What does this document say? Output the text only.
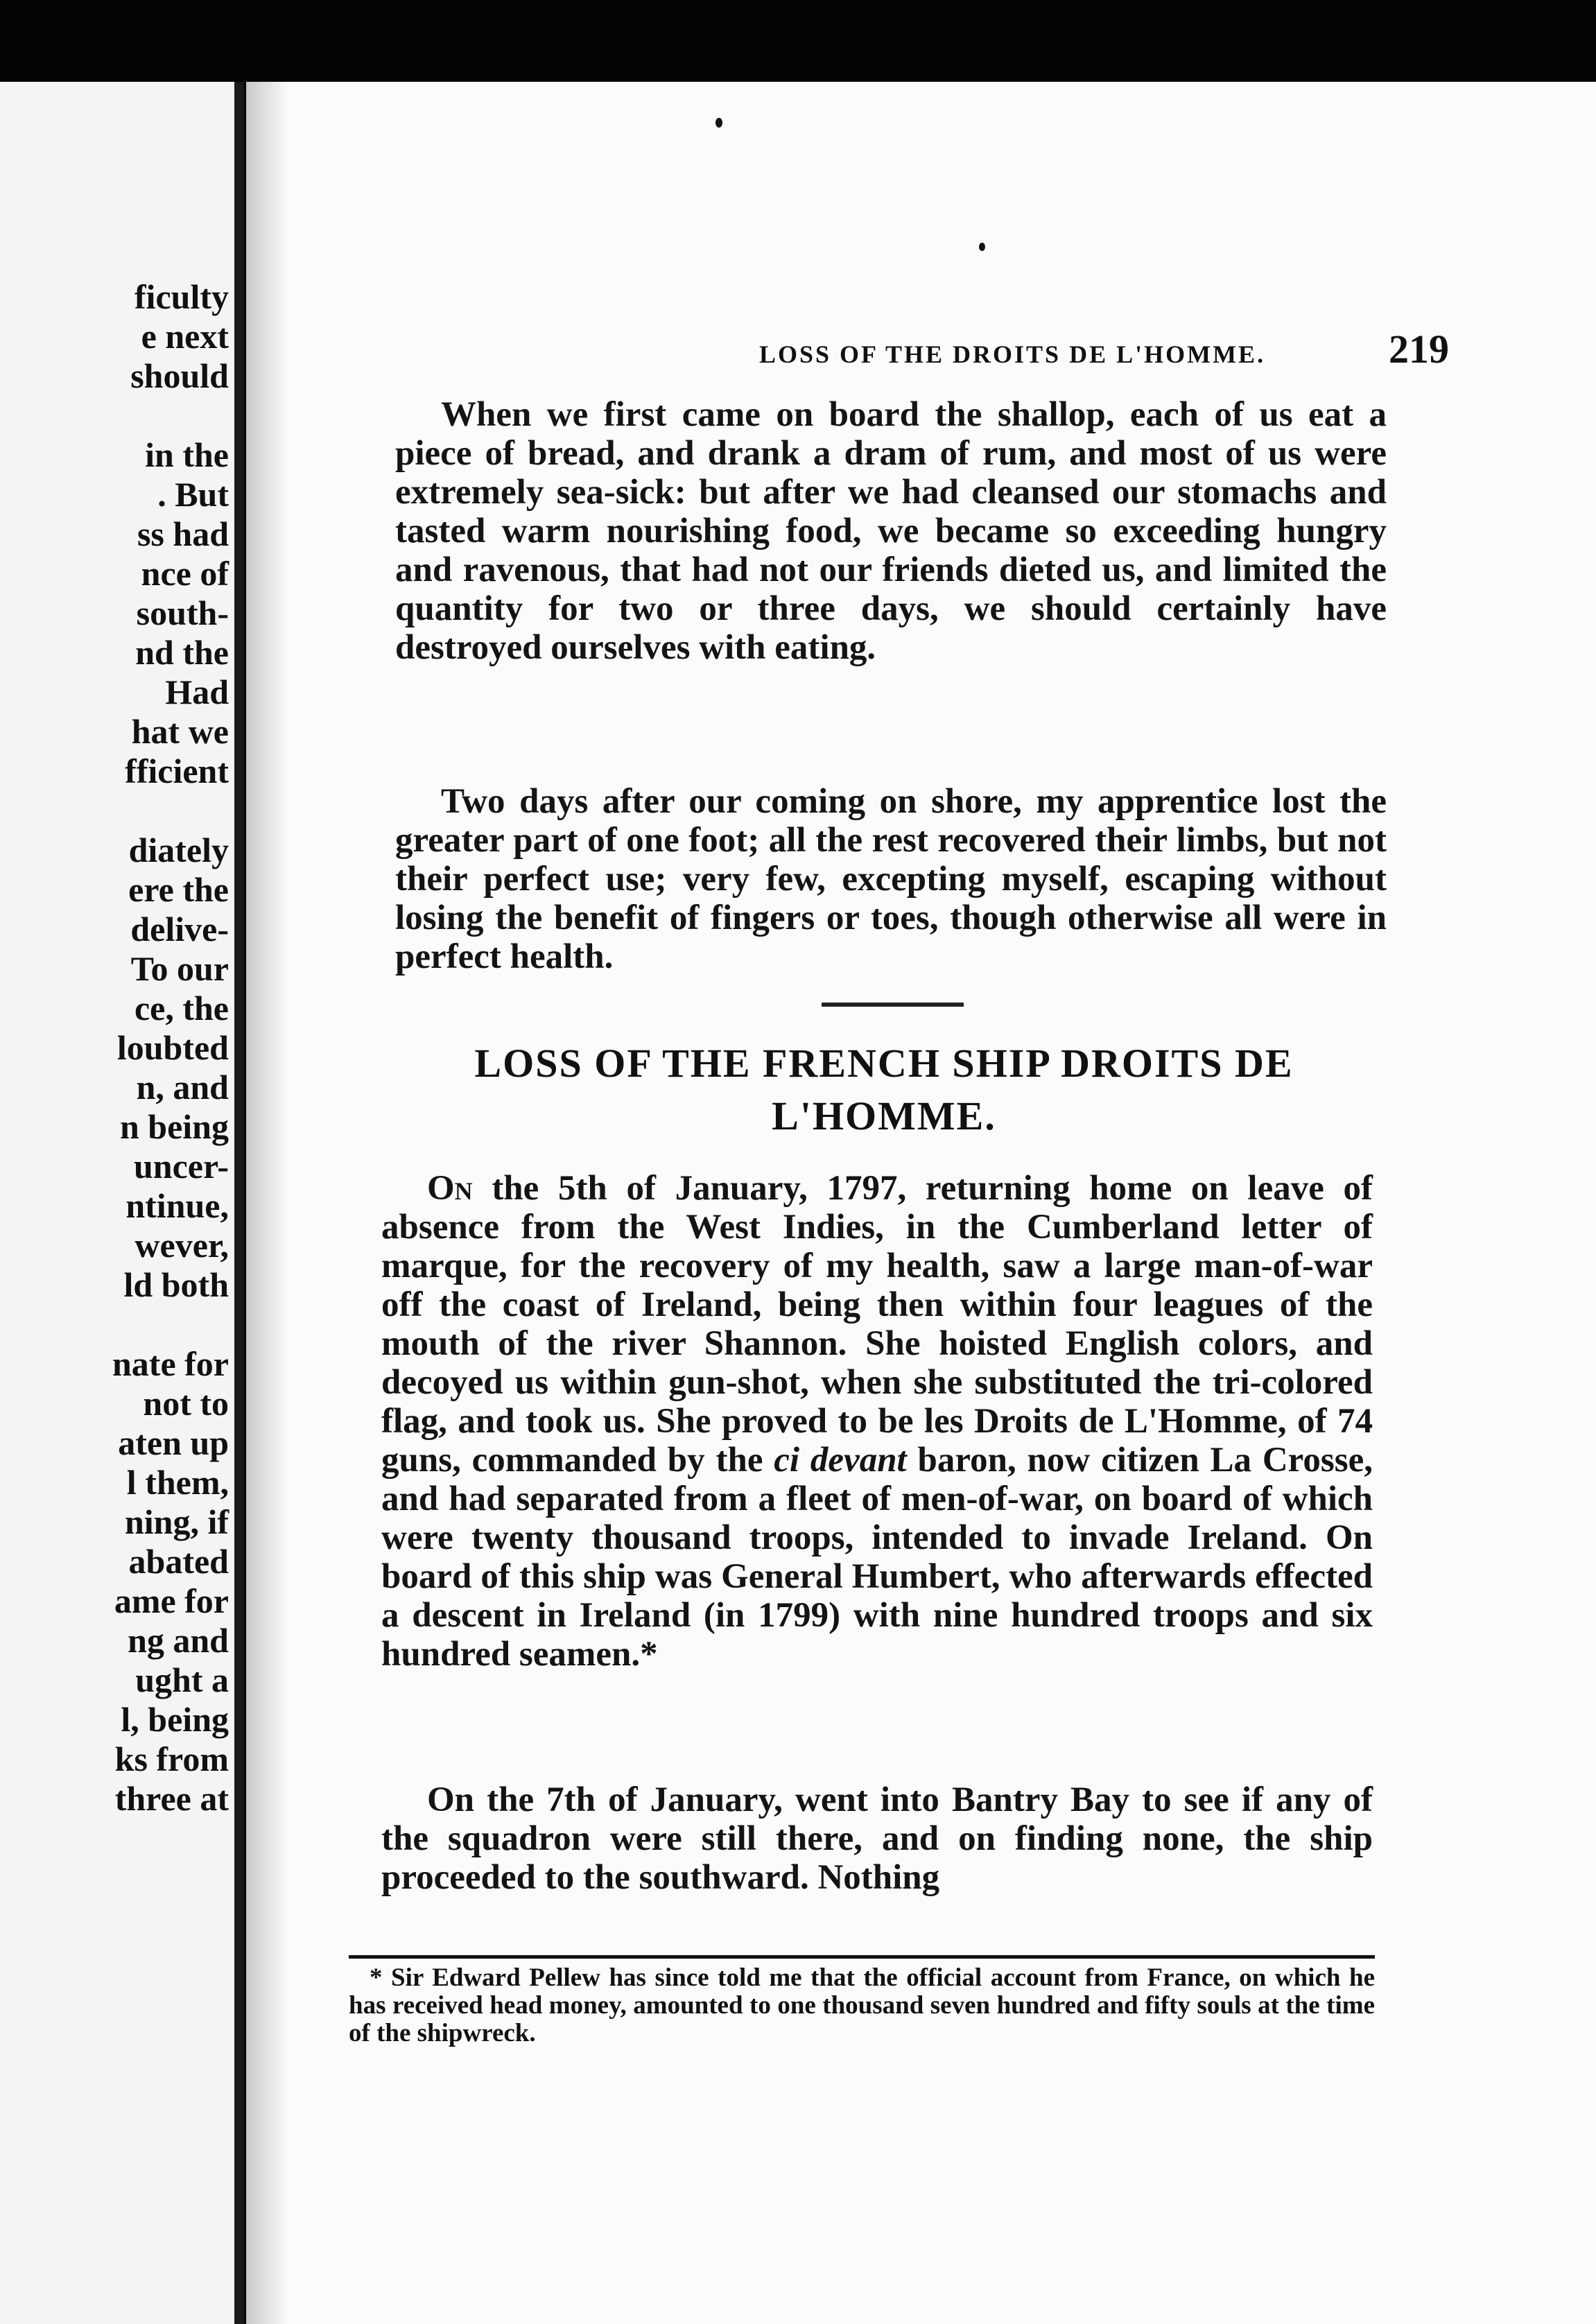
ficulty
e next
should
in the
. But
ss had
nce of
south-
nd the
Had
hat we
fficient
diately
ere the
delive-
To our
ce, the
loubted
n, and
n being
uncer-
ntinue,
wever,
ld both
nate for
not to
aten up
l them,
ning, if
abated
ame for
ng and
ught a
l, being
ks from
three at
LOSS OF THE DROITS DE L'HOMME.	219

When we first came on board the shallop, each of us eat a piece of bread, and drank a dram of rum, and most of us were extremely sea-sick: but after we had cleansed our stomachs and tasted warm nourishing food, we became so exceeding hungry and ravenous, that had not our friends dieted us, and limited the quantity for two or three days, we should certainly have destroyed ourselves with eating.

Two days after our coming on shore, my apprentice lost the greater part of one foot; all the rest recovered their limbs, but not their perfect use; very few, excepting myself, escaping without losing the benefit of fingers or toes, though otherwise all were in perfect health.

LOSS OF THE FRENCH SHIP DROITS DE L'HOMME.

On the 5th of January, 1797, returning home on leave of absence from the West Indies, in the Cumberland letter of marque, for the recovery of my health, saw a large man-of-war off the coast of Ireland, being then within four leagues of the mouth of the river Shannon. She hoisted English colors, and decoyed us within gun-shot, when she substituted the tri-colored flag, and took us. She proved to be les Droits de L'Homme, of 74 guns, commanded by the ci devant baron, now citizen La Crosse, and had separated from a fleet of men-of-war, on board of which were twenty thousand troops, intended to invade Ireland. On board of this ship was General Humbert, who afterwards effected a descent in Ireland (in 1799) with nine hundred troops and six hundred seamen.*

On the 7th of January, went into Bantry Bay to see if any of the squadron were still there, and on finding none, the ship proceeded to the southward. Nothing

* Sir Edward Pellew has since told me that the official account from France, on which he has received head money, amounted to one thousand seven hundred and fifty souls at the time of the shipwreck.
